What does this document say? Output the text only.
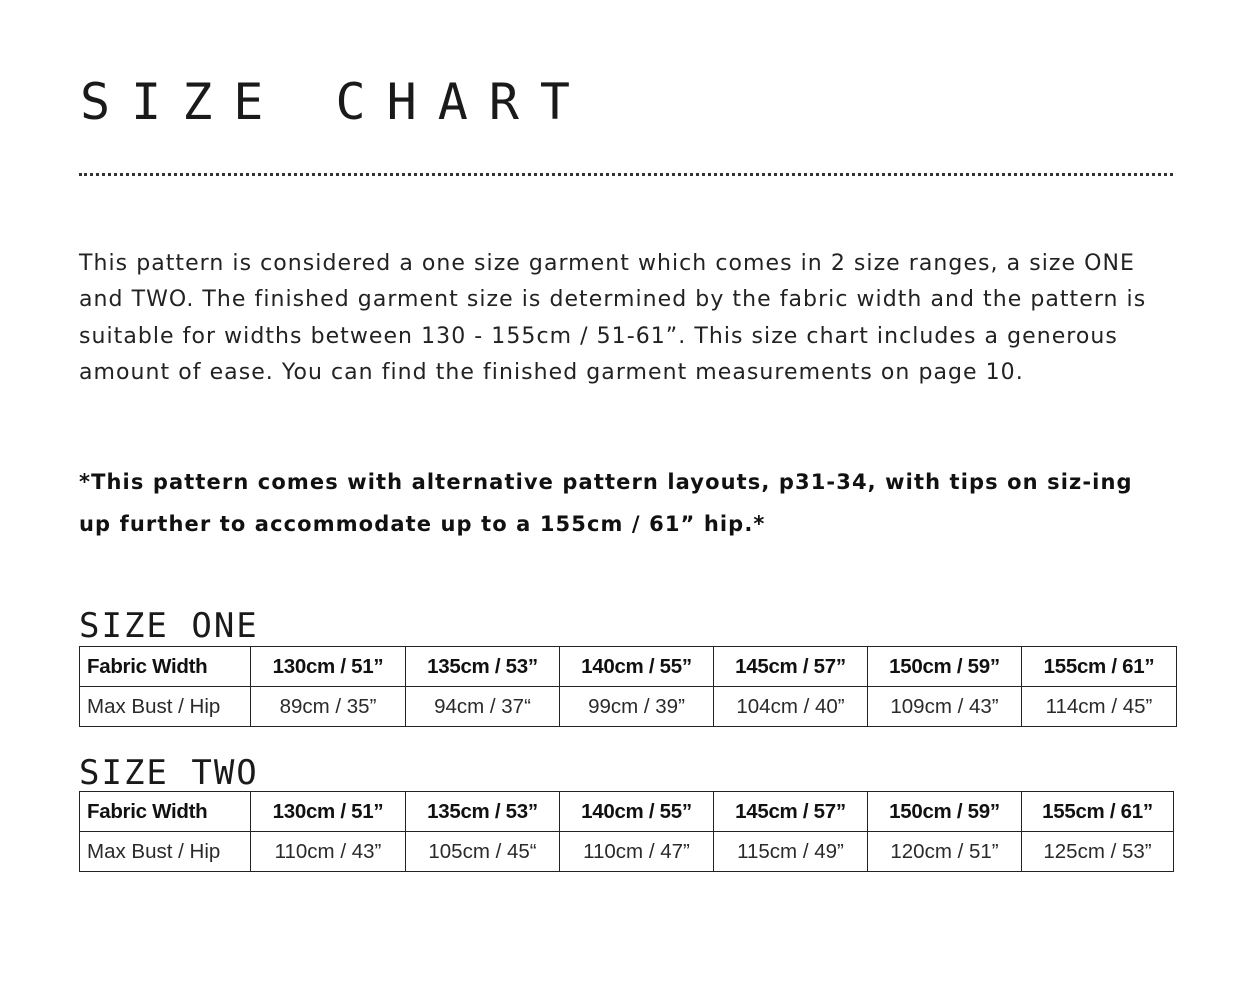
SIZE CHART

This pattern is considered a one size garment which comes in 2 size ranges, a size ONE and TWO. The finished garment size is determined by the fabric width and the pattern is suitable for widths between 130 - 155cm / 51-61”. This size chart includes a generous amount of ease. You can find the finished garment measurements on page 10.

*This pattern comes with alternative pattern layouts, p31-34, with tips on siz-ing up further to accommodate up to a 155cm / 61” hip.*

SIZE ONE
Fabric Width	130cm / 51”	135cm / 53”	140cm / 55”	145cm / 57”	150cm / 59”	155cm / 61”
Max Bust / Hip	89cm / 35”	94cm / 37“	99cm / 39”	104cm / 40”	109cm / 43”	114cm / 45”
SIZE TWO
Fabric Width	130cm / 51”	135cm / 53”	140cm / 55”	145cm / 57”	150cm / 59”	155cm / 61”
Max Bust / Hip	110cm / 43”	105cm / 45“	110cm / 47”	115cm / 49”	120cm / 51”	125cm / 53”
